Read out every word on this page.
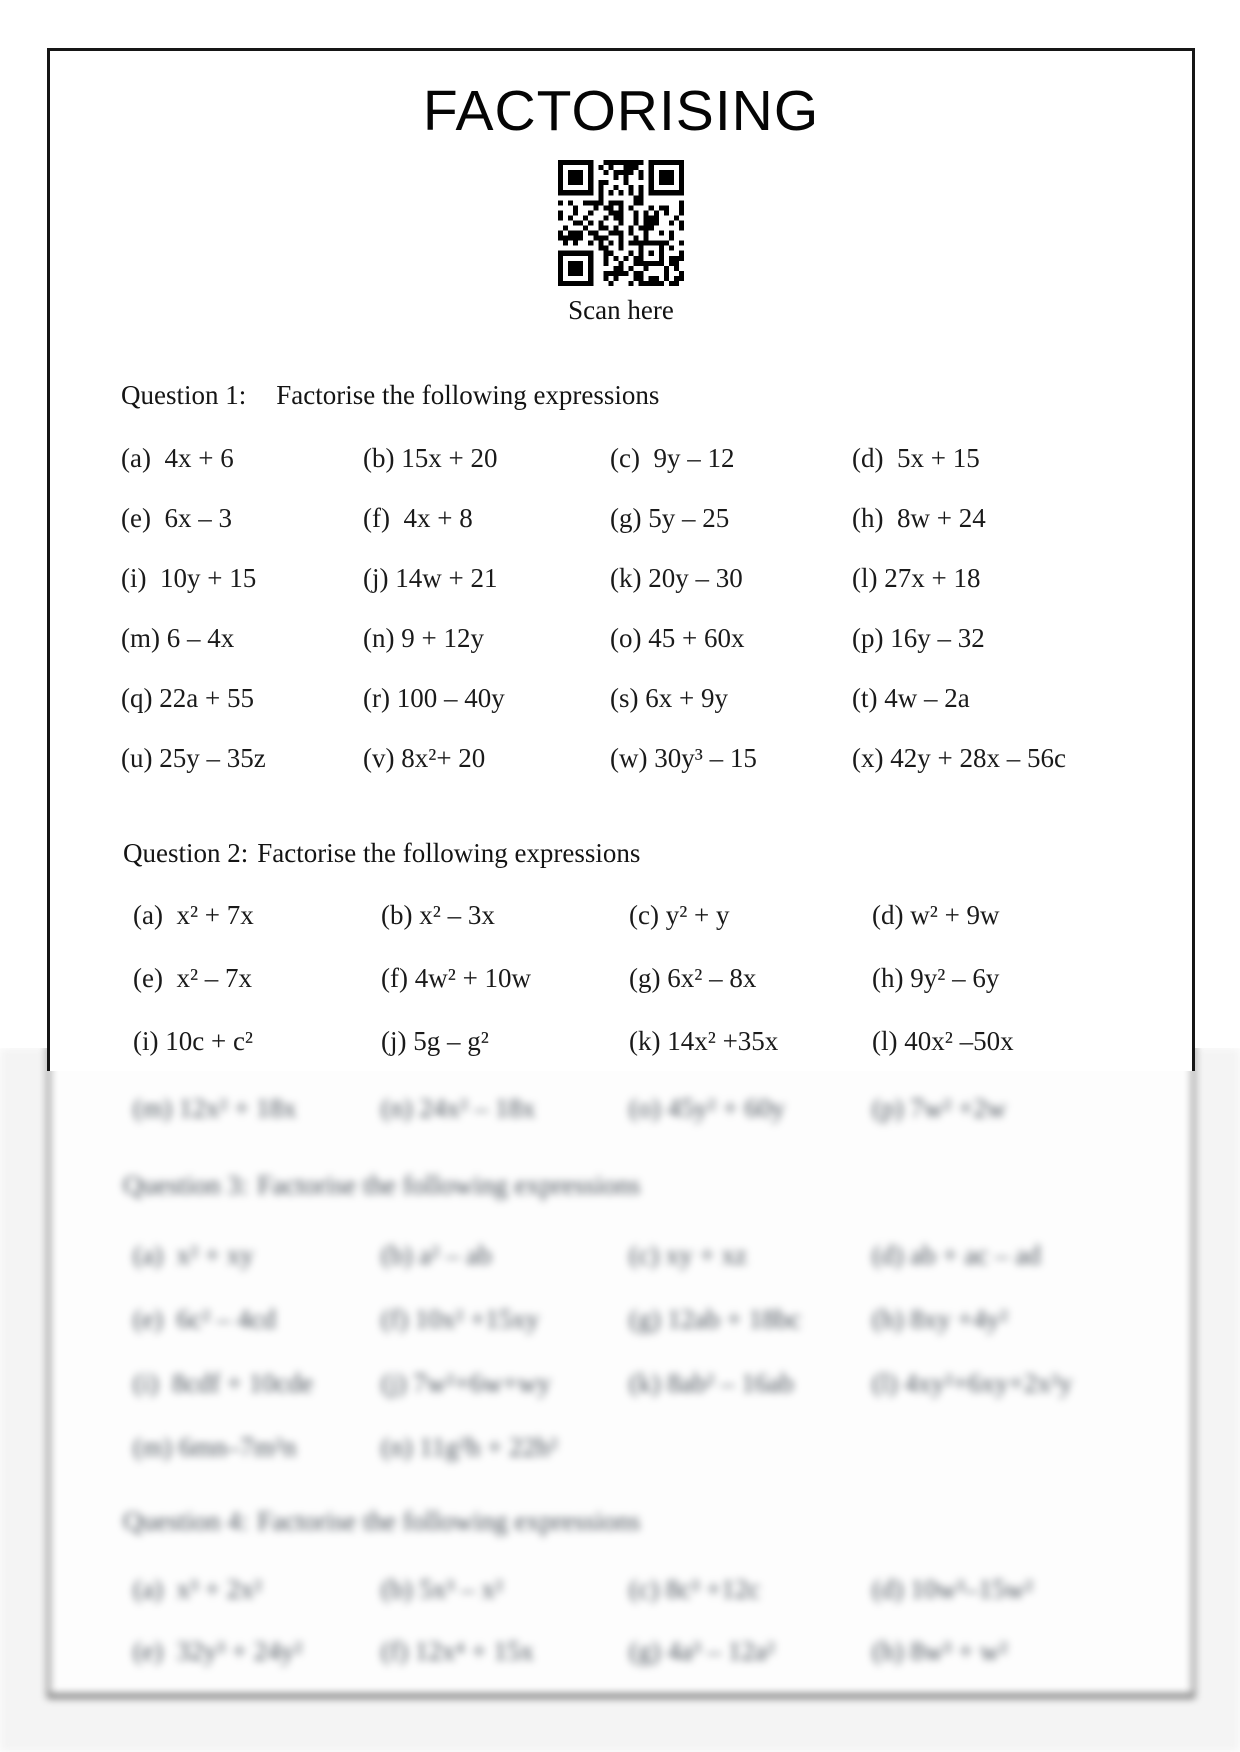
FACTORISING
Scan here
Question 1: Factorise the following expressions
(a)  4x + 6	(b) 15x + 20	(c)  9y – 12	(d)  5x + 15
(e)  6x – 3	(f)  4x + 8	(g) 5y – 25	(h)  8w + 24
(i)  10y + 15	(j) 14w + 21	(k) 20y – 30	(l) 27x + 18
(m) 6 – 4x	(n) 9 + 12y	(o) 45 + 60x	(p) 16y – 32
(q) 22a + 55	(r) 100 – 40y	(s) 6x + 9y	(t) 4w – 2a
(u) 25y – 35z	(v) 8x²+ 20	(w) 30y³ – 15	(x) 42y + 28x – 56c
Question 2: Factorise the following expressions
(a)  x² + 7x	(b) x² – 3x	(c) y² + y	(d) w² + 9w
(e)  x² – 7x	(f) 4w² + 10w	(g) 6x² – 8x	(h) 9y² – 6y
(i) 10c + c²	(j) 5g – g²	(k) 14x² +35x	(l) 40x² –50x
(m) 12x² + 18x	(n) 24x² – 18x	(o) 45y² + 60y	(p) 7w² +2w
Question 3: Factorise the following expressions
(a)  x² + xy	(b) a² – ab	(c) xy + xz	(d) ab + ac – ad
(e)  6c² – 4cd	(f) 10x² +15xy	(g) 12ab + 18bc	(h) 8xy +4y²
(i)  8cdf + 10cde	(j) 7w²+6w+wy	(k) 8ab² – 16ab	(l) 4xy²+6xy+2x²y
(m) 6mn–7m²n	(n) 11g²h + 22h²
Question 4: Factorise the following expressions
(a)  x³ + 2x²	(b) 5x³ – x²	(c) 8c³ +12c	(d) 10w³–15w²
(e)  32y³ + 24y²	(f) 12x⁴ + 15x	(g) 4a³ – 12a²	(h) 8w³ + w²
